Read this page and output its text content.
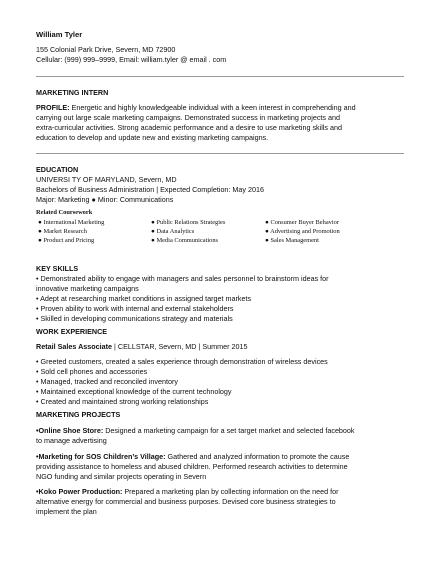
William Tyler
155 Colonial Park Drive, Severn, MD 72900
Cellular: (999) 999–9999, Email: william.tyler @ email . com
MARKETING INTERN
PROFILE: Energetic and highly knowledgeable individual with a keen interest in comprehending and
carrying out large scale marketing campaigns. Demonstrated success in marketing projects and
extra-curricular activities. Strong academic performance and a desire to use marketing skills and
education to develop and update new and existing marketing campaigns.
EDUCATION
UNIVERSI TY OF MARYLAND, Severn, MD
Bachelors of Business Administration | Expected Completion: May 2016
Major: Marketing ● Minor: Communications
Related Coursework
● International Marketing
● Market Research
● Product and Pricing
● Public Relations Strategies
● Data Analytics
● Media Communications
● Consumer Buyer Behavior
● Advertising and Promotion
● Sales Management
KEY SKILLS
• Demonstrated ability to engage with managers and sales personnel to brainstorm ideas for
innovative marketing campaigns
• Adept at researching market conditions in assigned target markets
• Proven ability to work with internal and external stakeholders
• Skilled in developing communications strategy and materials
WORK EXPERIENCE
Retail Sales Associate | CELLSTAR, Severn, MD | Summer 2015
• Greeted customers, created a sales experience through demonstration of wireless devices
• Sold cell phones and accessories
• Managed, tracked and reconciled inventory
• Maintained exceptional knowledge of the current technology
• Created and maintained strong working relationships
MARKETING PROJECTS
•Online Shoe Store: Designed a marketing campaign for a set target market and selected facebook
to manage advertising
•Marketing for SOS Children’s Village: Gathered and analyzed information to promote the cause
providing assistance to homeless and abused children. Performed research activities to determine
NGO funding and similar projects operating in Severn
•Koko Power Production: Prepared a marketing plan by collecting information on the need for
alternative energy for commercial and business purposes. Devised core business strategies to
implement the plan
